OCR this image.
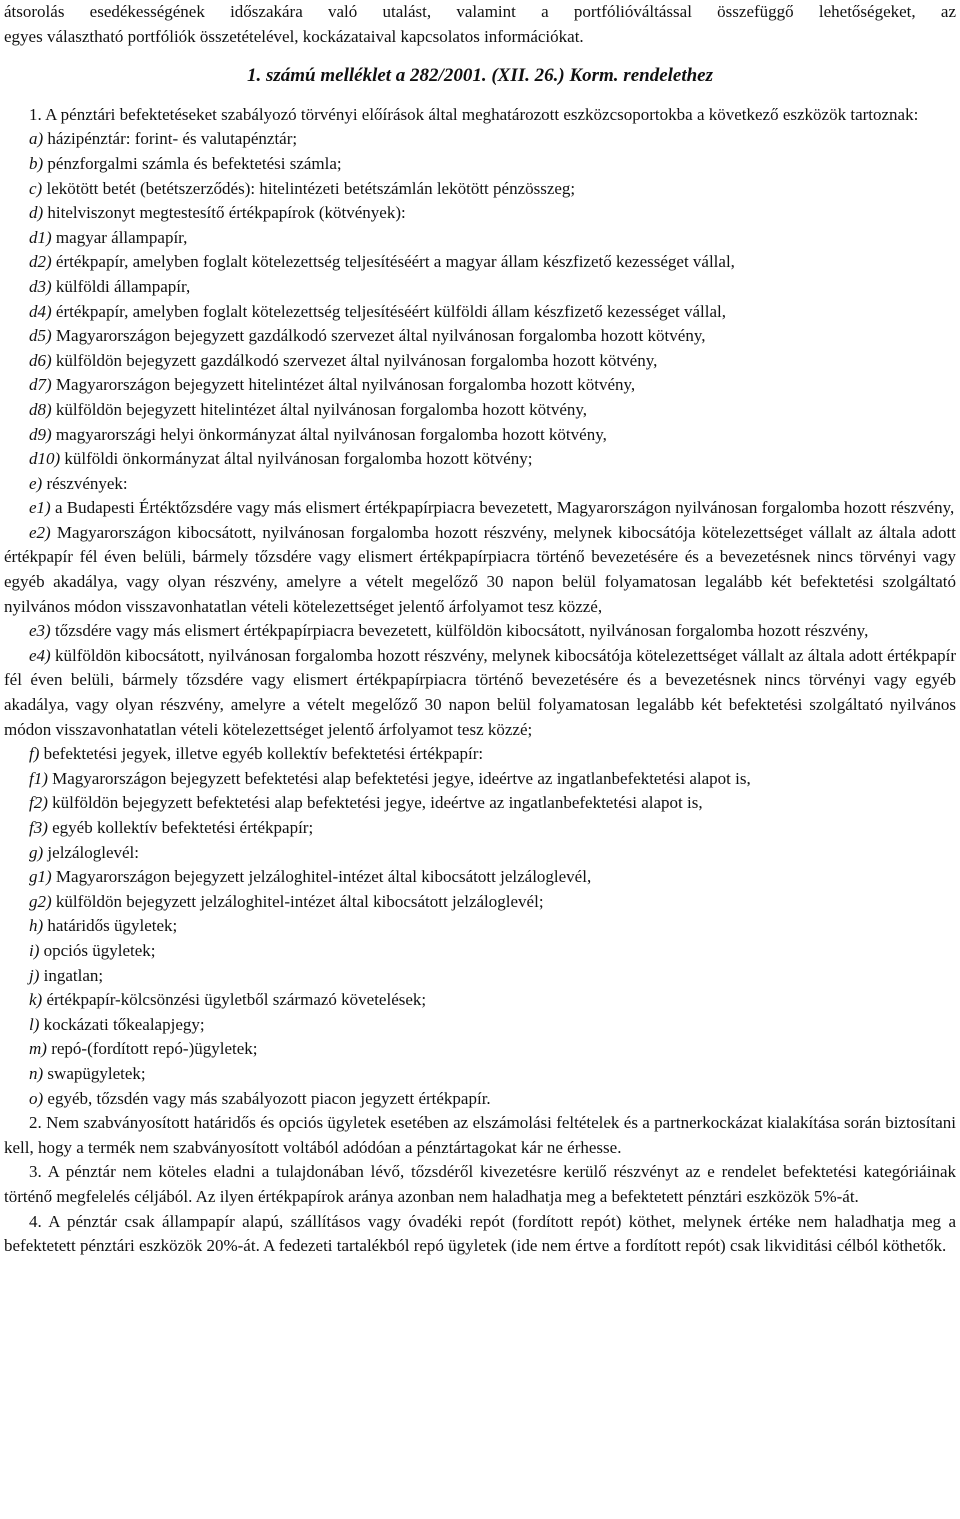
átsorolás esedékességének időszakára való utalást, valamint a portfólióváltással összefüggő lehetőségeket, az

egyes választható portfóliók összetételével, kockázataival kapcsolatos információkat.

1. számú melléklet a 282/2001. (XII. 26.) Korm. rendelethez

1. A pénztári befektetéseket szabályozó törvényi előírások által meghatározott eszközcsoportokba a következő eszközök tartoznak:

a) házipénztár: forint- és valutapénztár;

b) pénzforgalmi számla és befektetési számla;

c) lekötött betét (betétszerződés): hitelintézeti betétszámlán lekötött pénzösszeg;

d) hitelviszonyt megtestesítő értékpapírok (kötvények):

d1) magyar állampapír,

d2) értékpapír, amelyben foglalt kötelezettség teljesítéséért a magyar állam készfizető kezességet vállal,

d3) külföldi állampapír,

d4) értékpapír, amelyben foglalt kötelezettség teljesítéséért külföldi állam készfizető kezességet vállal,

d5) Magyarországon bejegyzett gazdálkodó szervezet által nyilvánosan forgalomba hozott kötvény,

d6) külföldön bejegyzett gazdálkodó szervezet által nyilvánosan forgalomba hozott kötvény,

d7) Magyarországon bejegyzett hitelintézet által nyilvánosan forgalomba hozott kötvény,

d8) külföldön bejegyzett hitelintézet által nyilvánosan forgalomba hozott kötvény,

d9) magyarországi helyi önkormányzat által nyilvánosan forgalomba hozott kötvény,

d10) külföldi önkormányzat által nyilvánosan forgalomba hozott kötvény;

e) részvények:

e1) a Budapesti Értéktőzsdére vagy más elismert értékpapírpiacra bevezetett, Magyarországon nyilvánosan forgalomba hozott részvény,

e2) Magyarországon kibocsátott, nyilvánosan forgalomba hozott részvény, melynek kibocsátója kötelezettséget vállalt az általa adott értékpapír fél éven belüli, bármely tőzsdére vagy elismert értékpapírpiacra történő bevezetésére és a bevezetésnek nincs törvényi vagy egyéb akadálya, vagy olyan részvény, amelyre a vételt megelőző 30 napon belül folyamatosan legalább két befektetési szolgáltató nyilvános módon visszavonhatatlan vételi kötelezettséget jelentő árfolyamot tesz közzé,

e3) tőzsdére vagy más elismert értékpapírpiacra bevezetett, külföldön kibocsátott, nyilvánosan forgalomba hozott részvény,

e4) külföldön kibocsátott, nyilvánosan forgalomba hozott részvény, melynek kibocsátója kötelezettséget vállalt az általa adott értékpapír fél éven belüli, bármely tőzsdére vagy elismert értékpapírpiacra történő bevezetésére és a bevezetésnek nincs törvényi vagy egyéb akadálya, vagy olyan részvény, amelyre a vételt megelőző 30 napon belül folyamatosan legalább két befektetési szolgáltató nyilvános módon visszavonhatatlan vételi kötelezettséget jelentő árfolyamot tesz közzé;

f) befektetési jegyek, illetve egyéb kollektív befektetési értékpapír:

f1) Magyarországon bejegyzett befektetési alap befektetési jegye, ideértve az ingatlanbefektetési alapot is,

f2) külföldön bejegyzett befektetési alap befektetési jegye, ideértve az ingatlanbefektetési alapot is,

f3) egyéb kollektív befektetési értékpapír;

g) jelzáloglevél:

g1) Magyarországon bejegyzett jelzáloghitel-intézet által kibocsátott jelzáloglevél,

g2) külföldön bejegyzett jelzáloghitel-intézet által kibocsátott jelzáloglevél;

h) határidős ügyletek;

i) opciós ügyletek;

j) ingatlan;

k) értékpapír-kölcsönzési ügyletből származó követelések;

l) kockázati tőkealapjegy;

m) repó-(fordított repó-)ügyletek;

n) swapügyletek;

o) egyéb, tőzsdén vagy más szabályozott piacon jegyzett értékpapír.

2. Nem szabványosított határidős és opciós ügyletek esetében az elszámolási feltételek és a partnerkockázat kialakítása során biztosítani kell, hogy a termék nem szabványosított voltából adódóan a pénztártagokat kár ne érhesse.

3. A pénztár nem köteles eladni a tulajdonában lévő, tőzsdéről kivezetésre kerülő részvényt az e rendelet befektetési kategóriáinak történő megfelelés céljából. Az ilyen értékpapírok aránya azonban nem haladhatja meg a befektetett pénztári eszközök 5%-át.

4. A pénztár csak állampapír alapú, szállításos vagy óvadéki repót (fordított repót) köthet, melynek értéke nem haladhatja meg a befektetett pénztári eszközök 20%-át. A fedezeti tartalékból repó ügyletek (ide nem értve a fordított repót) csak likviditási célból köthetők.
